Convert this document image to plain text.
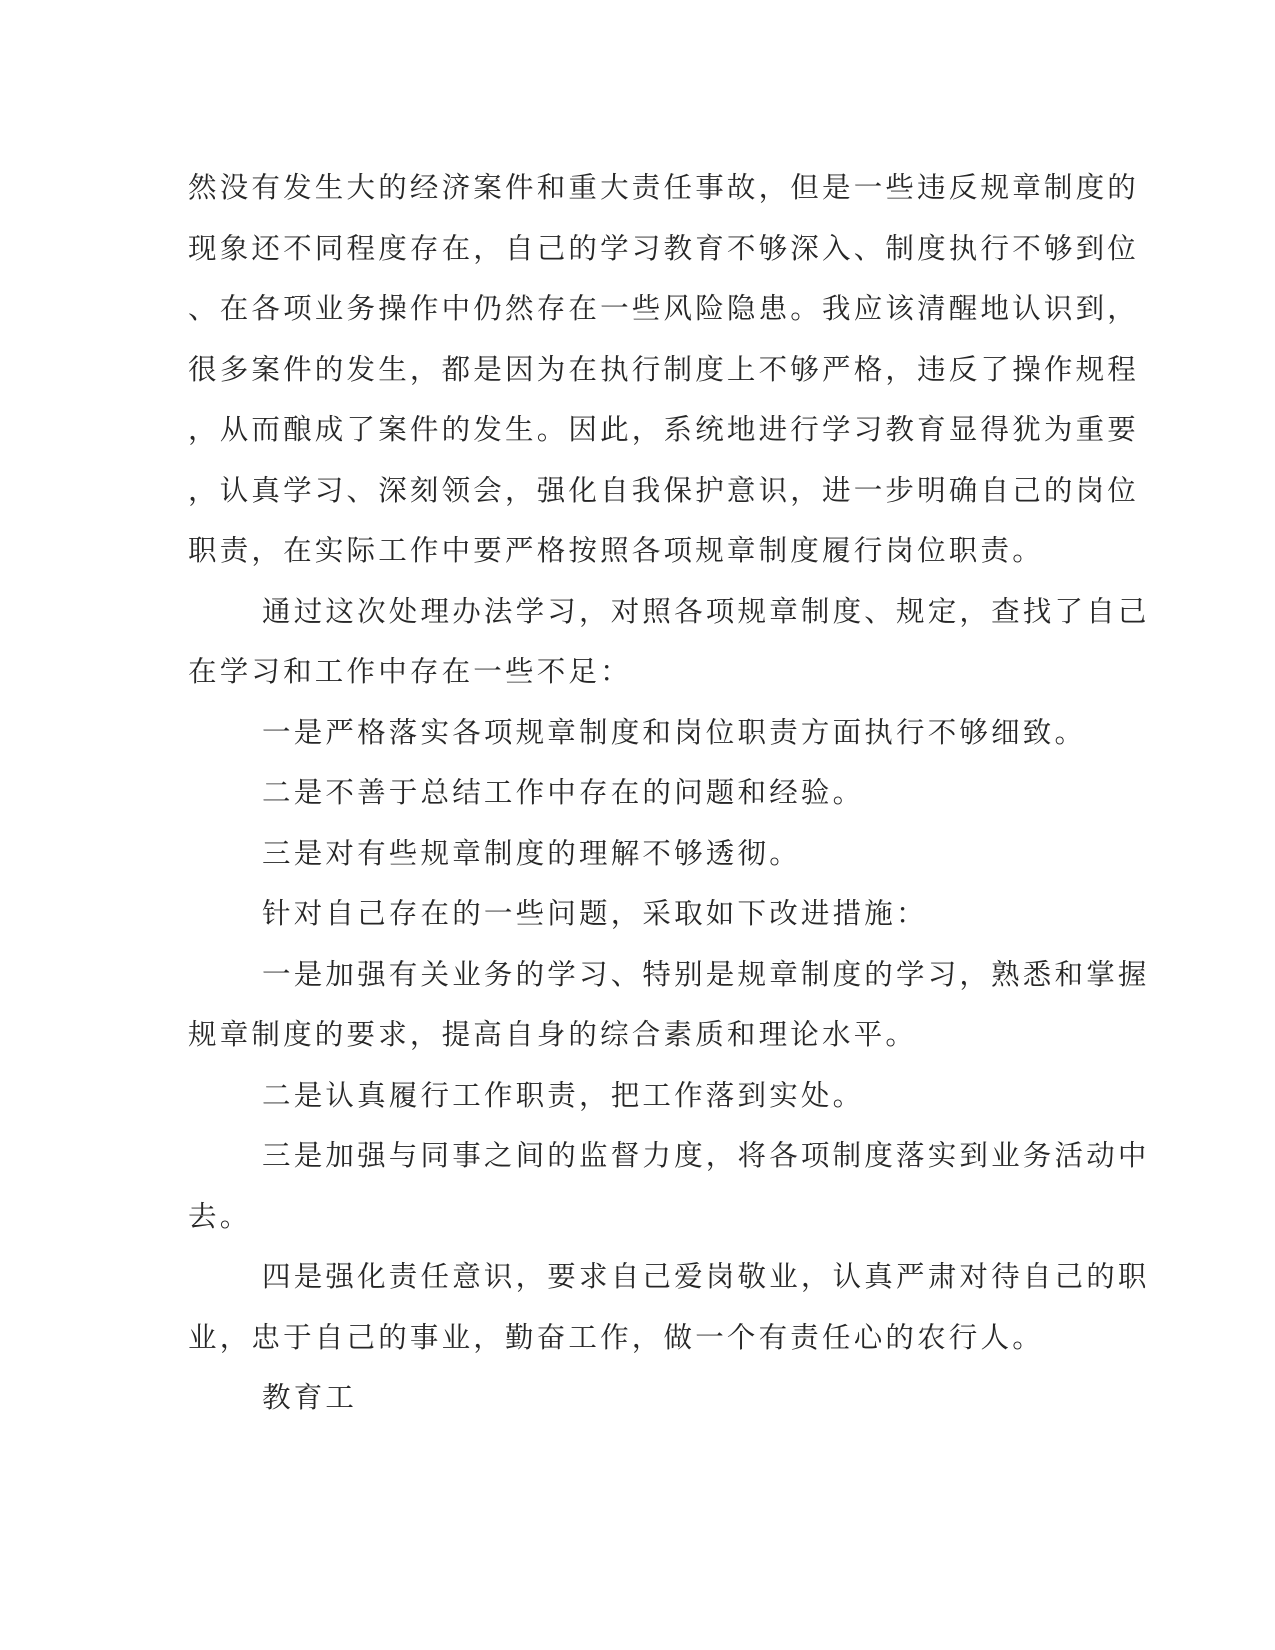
然没有发生大的经济案件和重大责任事故，但是一些违反规章制度的
现象还不同程度存在，自己的学习教育不够深入、制度执行不够到位
、在各项业务操作中仍然存在一些风险隐患。我应该清醒地认识到，
很多案件的发生，都是因为在执行制度上不够严格，违反了操作规程
，从而酿成了案件的发生。因此，系统地进行学习教育显得犹为重要
，认真学习、深刻领会，强化自我保护意识，进一步明确自己的岗位
职责，在实际工作中要严格按照各项规章制度履行岗位职责。
通过这次处理办法学习，对照各项规章制度、规定，查找了自己
在学习和工作中存在一些不足：
一是严格落实各项规章制度和岗位职责方面执行不够细致。
二是不善于总结工作中存在的问题和经验。
三是对有些规章制度的理解不够透彻。
针对自己存在的一些问题，采取如下改进措施：
一是加强有关业务的学习、特别是规章制度的学习，熟悉和掌握
规章制度的要求，提高自身的综合素质和理论水平。
二是认真履行工作职责，把工作落到实处。
三是加强与同事之间的监督力度，将各项制度落实到业务活动中
去。
四是强化责任意识，要求自己爱岗敬业，认真严肃对待自己的职
业，忠于自己的事业，勤奋工作，做一个有责任心的农行人。
教育工
